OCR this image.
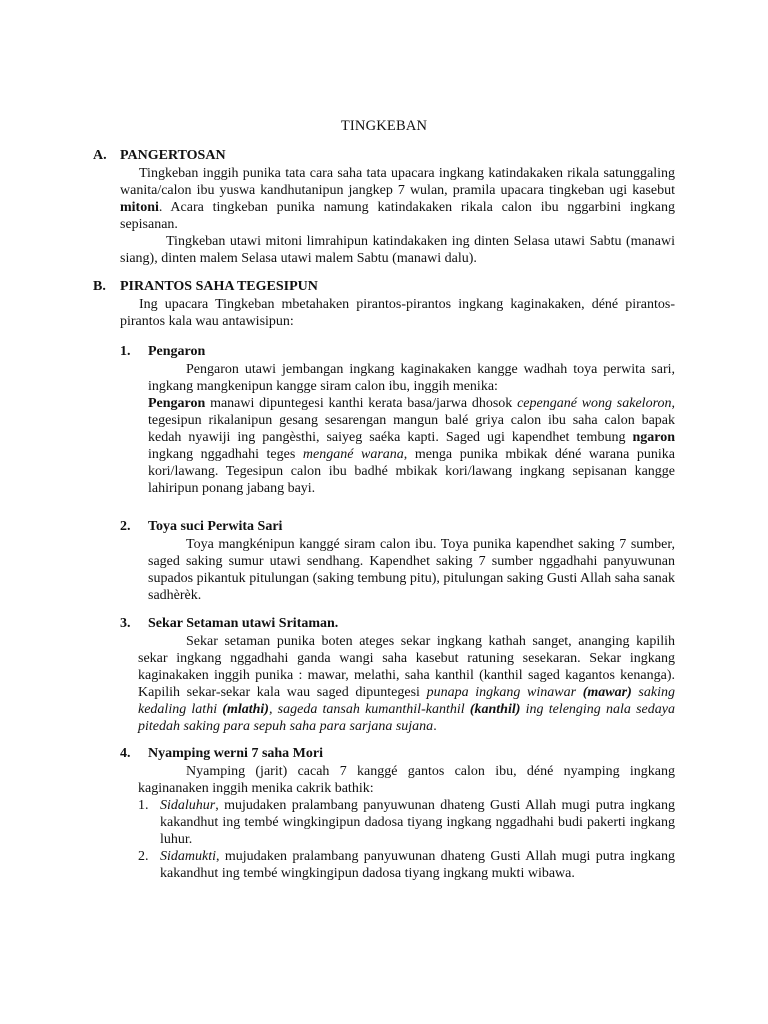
TINGKEBAN
A. PANGERTOSAN
Tingkeban inggih punika tata cara saha tata upacara ingkang katindakaken rikala satunggaling wanita/calon ibu yuswa kandhutanipun jangkep 7 wulan, pramila upacara tingkeban ugi kasebut mitoni. Acara tingkeban punika namung katindakaken rikala calon ibu nggarbini ingkang sepisanan.
Tingkeban utawi mitoni limrahipun katindakaken ing dinten Selasa utawi Sabtu (manawi siang), dinten malem Selasa utawi malem Sabtu (manawi dalu).
B. PIRANTOS SAHA TEGESIPUN
Ing upacara Tingkeban mbetahaken pirantos-pirantos ingkang kaginakaken, déné pirantos-pirantos kala wau antawisipun:
1. Pengaron
Pengaron utawi jembangan ingkang kaginakaken kangge wadhah toya perwita sari, ingkang mangkenipun kangge siram calon ibu, inggih menika:
Pengaron manawi dipuntegesi kanthi kerata basa/jarwa dhosok cepengané wong sakeloron, tegesipun rikalanipun gesang sesarengan mangun balé griya calon ibu saha calon bapak kedah nyawiji ing pangèsthi, saiyeg saéka kapti. Saged ugi kapendhet tembung ngaron ingkang nggadhahi teges mengané warana, menga punika mbikak déné warana punika kori/lawang. Tegesipun calon ibu badhé mbikak kori/lawang ingkang sepisanan kangge lahiripun ponang jabang bayi.
2. Toya suci Perwita Sari
Toya mangkénipun kanggé siram calon ibu. Toya punika kapendhet saking 7 sumber, saged saking sumur utawi sendhang. Kapendhet saking 7 sumber nggadhahi panyuwunan supados pikantuk pitulungan (saking tembung pitu), pitulungan saking Gusti Allah saha sanak sadhèrèk.
3. Sekar Setaman utawi Sritaman.
Sekar setaman punika boten ateges sekar ingkang kathah sanget, ananging kapilih sekar ingkang nggadhahi ganda wangi saha kasebut ratuning sesekaran. Sekar ingkang kaginakaken inggih punika : mawar, melathi, saha kanthil (kanthil saged kagantos kenanga). Kapilih sekar-sekar kala wau saged dipuntegesi punapa ingkang winawar (mawar) saking kedaling lathi (mlathi), sageda tansah kumanthil-kanthil (kanthil) ing telenging nala sedaya pitedah saking para sepuh saha para sarjana sujana.
4. Nyamping werni 7 saha Mori
Nyamping (jarit) cacah 7 kanggé gantos calon ibu, déné nyamping ingkang kaginanaken inggih menika cakrik bathik:
1. Sidaluhur, mujudaken pralambang panyuwunan dhateng Gusti Allah mugi putra ingkang kakandhut ing tembé wingkingipun dadosa tiyang ingkang nggadhahi budi pakerti ingkang luhur.
2. Sidamukti, mujudaken pralambang panyuwunan dhateng Gusti Allah mugi putra ingkang kakandhut ing tembé wingkingipun dadosa tiyang ingkang mukti wibawa.
